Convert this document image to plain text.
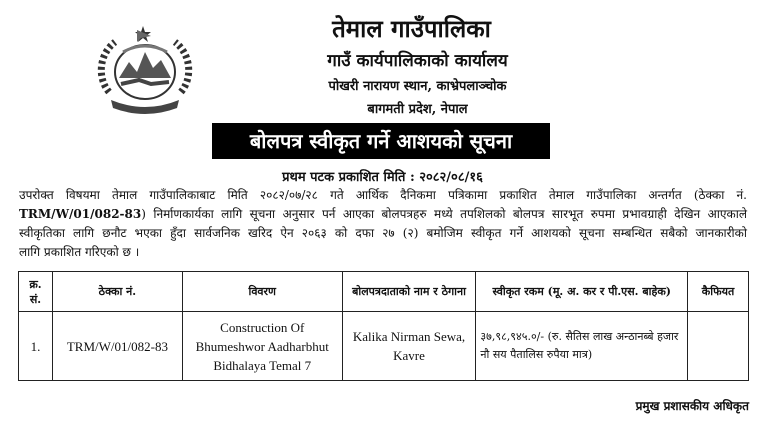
तेमाल गाउँपालिका
गाउँ कार्यपालिकाको कार्यालय
पोखरी नारायण स्थान, काभ्रेपलाञ्चोक
बागमती प्रदेश, नेपाल
बोलपत्र स्वीकृत गर्ने आशयको सूचना
प्रथम पटक प्रकाशित मिति : २०८२/०८/१६
उपरोक्त विषयमा तेमाल गाउँपालिकाबाट मिति २०८२/०७/२८ गते आर्थिक दैनिकमा पत्रिकामा प्रकाशित तेमाल गाउँपालिका अन्तर्गत (ठेक्का नं.
TRM/W/01/082-83) निर्माणकार्यका लागि सूचना अनुसार पर्न आएका बोलपत्रहरु मध्ये तपशिलको बोलपत्र सारभूत रुपमा प्रभावग्राही देखिन आएकाले
स्वीकृतिका लागि छनौट भएका हुँदा सार्वजनिक खरिद ऐन २०६३ को दफा २७ (२) बमोजिम स्वीकृत गर्ने आशयको सूचना सम्बन्धित सबैको जानकारीको
लागि प्रकाशित गरिएको छ ।
क्र. सं.	ठेक्का नं.	विवरण	बोलपत्रदाताको नाम र ठेगाना	स्वीकृत रकम (मू. अ. कर र पी.एस. बाहेक)	कैफियत
1.	TRM/W/01/082-83	Construction Of Bhumeshwor Aadharbhut Bidhalaya Temal 7	Kalika Nirman Sewa, Kavre	३७,९८,९४५.०/- (रु. सैतिस लाख अन्ठानब्बे हजार नौ सय पैतालिस रुपैया मात्र)	
प्रमुख प्रशासकीय अधिकृत
